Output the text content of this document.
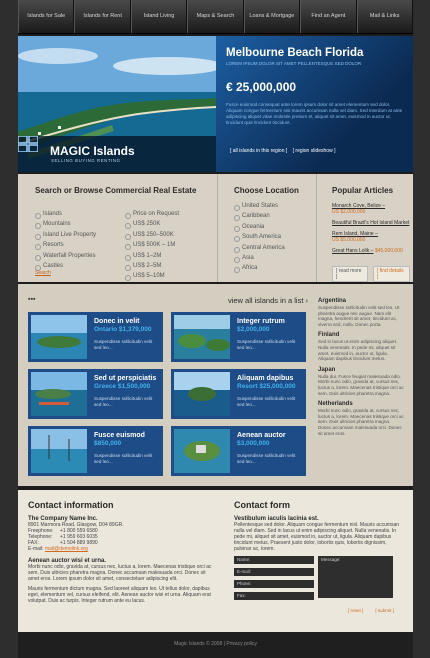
Islands for Sale	Islands for Rent	Island Living	Maps & Search	Loans & Mortgage	Find an Agent	Mail & Links
MAGIC Islands
SELLING BUYING RENTING
Melbourne Beach Florida
LOREM IPSUM DOLOR SIT AMET PELLENTESQUE SED DOLOR
€ 25,000,000
Fusce euismod consequat ante lorem ipsum dolor sit amet elementum sed dolor. Aliquam congue fermentum nisi mauris accumsan nulla vel diam. Sed interdum at ante adipiscing aliquet vitae molestie pretium et, aliquet sit amet, euismod in auctor ut, tincidunt quis tincidunt tincidunt.
[ all islands in this region ] [ region slideshow ]
Search or Browse Commercial Real Estate
Islands
Mountains
Island Live Property
Resorts
Waterfall Properties
Castles
Price on Request
US$ 250K
US$ 250–500K
US$ 500K – 1M
US$ 1–2M
US$ 2–5M
US$ 5–10M
Search
Choose Location
United States
Caribbean
Oceania
South America
Central America
Asia
Africa
Popular Articles
Monarch Cove, Belize –
US $2,000,000
Beautiful Brazil's Hot Island Market
Rem Island, Maine –
US $5,000,000
Great Hans Lolik – $45,000,000
[ read more ]
[ find details ]
▪▪▪	view all islands in a list ›
Donec in velit
Ontario $1,379,000
Suspendisse sollicitudin velit sed leo...
Integer rutrum
$2,000,000
Suspendisse sollicitudin velit sed leo...
Sed ut perspiciatis
Greece $1,500,000
Suspendisse sollicitudin velit sed leo...
Aliquam dapibus
Resort $25,000,000
Suspendisse sollicitudin velit sed leo...
Fusce euismod
$850,000
Suspendisse sollicitudin velit sed leo...
Aenean auctor
$3,000,000
Suspendisse sollicitudin velit sed leo...
Argentina
Suspendisse sollicitudin velit sed leo. Ut pharetra augue nec augue. Nam elit magna, hendrerit sit amet, tincidunt ac, viverra sed, nulla. Donec porta.
Finland
Sed in lacus ut enim adipiscing aliquet. Nulla venenatis. In pede mi, aliquet sit amet, euismod in, auctor ut, ligula. Aliquam dapibus tincidunt metus.
Japan
Nulla dui. Fusce feugiat malesuada odio. Morbi nunc odio, gravida at, cursus nec, luctus a, lorem. Maecenas tristique orci ac sem. Duis ultricies pharetra magna.
Netherlands
Morbi nunc odio, gravida at, cursus nec, luctus a, lorem. Maecenas tristique orci ac sem. Duis ultricies pharetra magna. Donec accumsan malesuada orci. Donec sit amet eros.
Contact information
The Company Name Inc.
8901 Marmora Road, Glasgow, D04 89GR.
Freephone: +1 800 559 6580
Telephone: +1 959 603 6035
FAX:	+1 504 889 9890
E-mail: mail@demolink.org
Aenean auctor wisi et urna.
Morbi nunc odio, gravida at, cursus nec, luctus a, lorem. Maecenas tristique orci ac sem. Duis ultricies pharetra magna. Donec accumsan malesuada orci. Donec sit amet eros. Lorem ipsum dolor sit amet, consectetuer adipiscing elit.
Mauris fermentum dictum magna. Sed laoreet aliquam leo. Ut tellus dolor, dapibus eget, elementum vel, cursus eleifend, elit. Aenean auctor wisi et urna. Aliquam erat volutpat. Duis ac turpis. Integer rutrum ante eu lacus.
Contact form
Vestibulum iaculis lacinia est.
Pellentesque sed dolor. Aliquam congue fermentum nisl. Mauris accumsan nulla vel diam. Sed in lacus ut enim adipiscing aliquet. Nulla venenatis. In pede mi, aliquet sit amet, euismod in, auctor ut, ligula. Aliquam dapibus tincidunt metus. Praesent justo dolor, lobortis quis, lobortis dignissim, pulvinar ac, lorem.
Name:
E-mail:
Phone:
Fax:
Message:
[ reset ]	[ submit ]
Magic Islands © 2008 | Privacy policy
